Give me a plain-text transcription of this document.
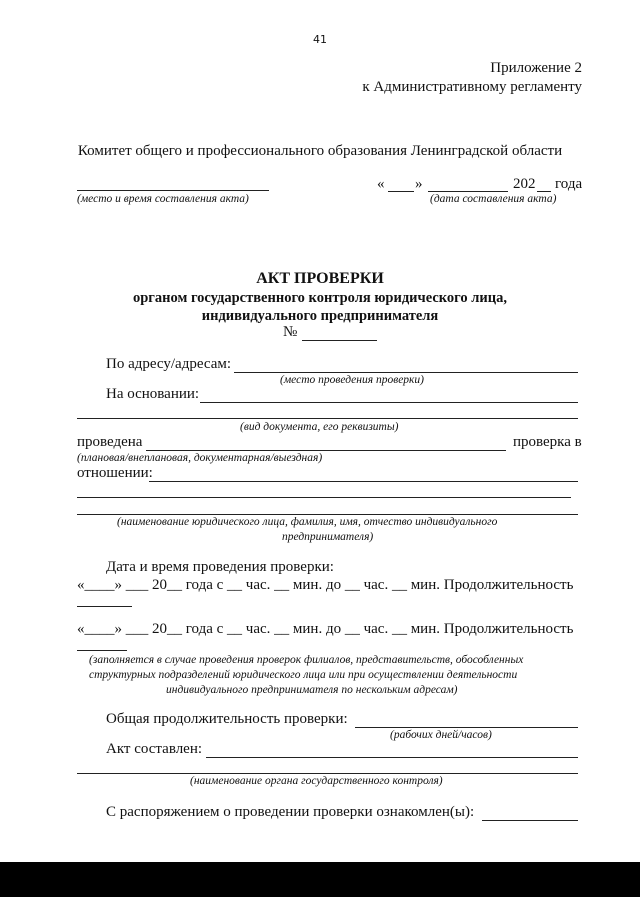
41
Приложение 2
к Административному регламенту
Комитет общего и профессионального образования Ленинградской области
(место и время составления акта)
« »	202 года
(дата составления акта)
АКТ ПРОВЕРКИ
органом государственного контроля юридического лица,
индивидуального предпринимателя
№
По адресу/адресам:
(место проведения проверки)
На основании:
(вид документа, его реквизиты)
проведена	проверка в
(плановая/внеплановая, документарная/выездная)
отношении:
(наименование юридического лица, фамилия, имя, отчество индивидуального
предпринимателя)
Дата и время проведения проверки:
«____» ___ 20__ года с __ час. __ мин. до __ час. __ мин. Продолжительность
«____» ___ 20__ года с __ час. __ мин. до __ час. __ мин. Продолжительность
(заполняется в случае проведения проверок филиалов, представительств, обособленных
структурных подразделений юридического лица или при осуществлении деятельности
индивидуального предпринимателя по нескольким адресам)
Общая продолжительность проверки:
(рабочих дней/часов)
Акт составлен:
(наименование органа государственного контроля)
С распоряжением о проведении проверки ознакомлен(ы):
